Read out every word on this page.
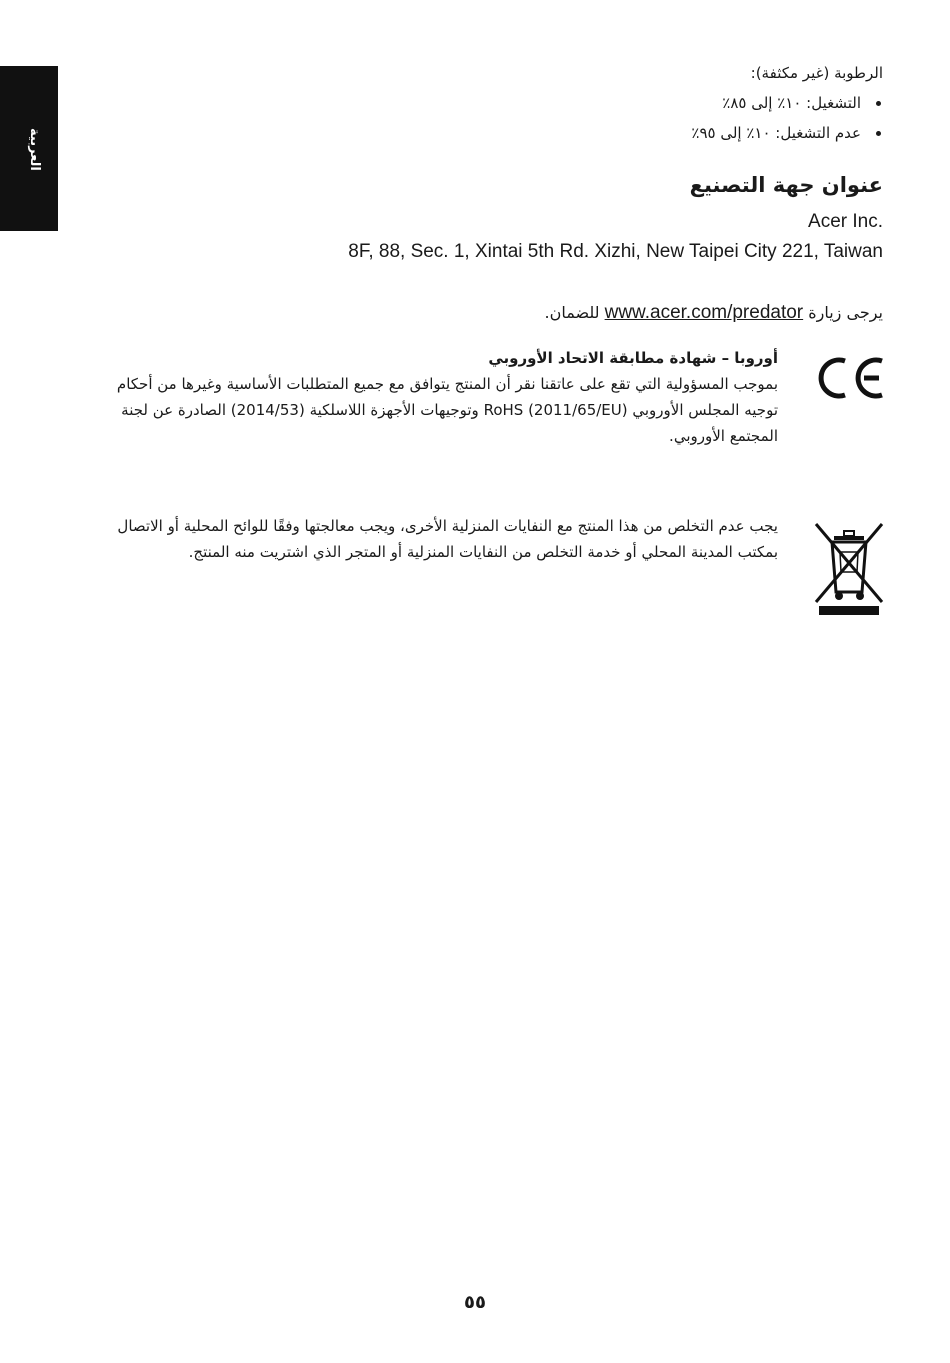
العربية
الرطوبة (غير مكثفة):
التشغيل: ١٠٪ إلى ٨٥٪
عدم التشغيل: ١٠٪ إلى ٩٥٪
عنوان جهة التصنيع
Acer Inc.
8F, 88, Sec. 1, Xintai 5th Rd. Xizhi, New Taipei City 221, Taiwan
يرجى زيارة www.acer.com/predator للضمان.
أوروبا – شهادة مطابقة الاتحاد الأوروبي
بموجب المسؤولية التي تقع على عاتقنا نقر أن المنتج يتوافق مع جميع المتطلبات الأساسية وغيرها من أحكام توجيه المجلس الأوروبي RoHS (2011/65/EU) وتوجيهات الأجهزة اللاسلكية (2014/53) الصادرة عن لجنة المجتمع الأوروبي.
يجب عدم التخلص من هذا المنتج مع النفايات المنزلية الأخرى، ويجب معالجتها وفقًا للوائح المحلية أو الاتصال بمكتب المدينة المحلي أو خدمة التخلص من النفايات المنزلية أو المتجر الذي اشتريت منه المنتج.
٥٥
